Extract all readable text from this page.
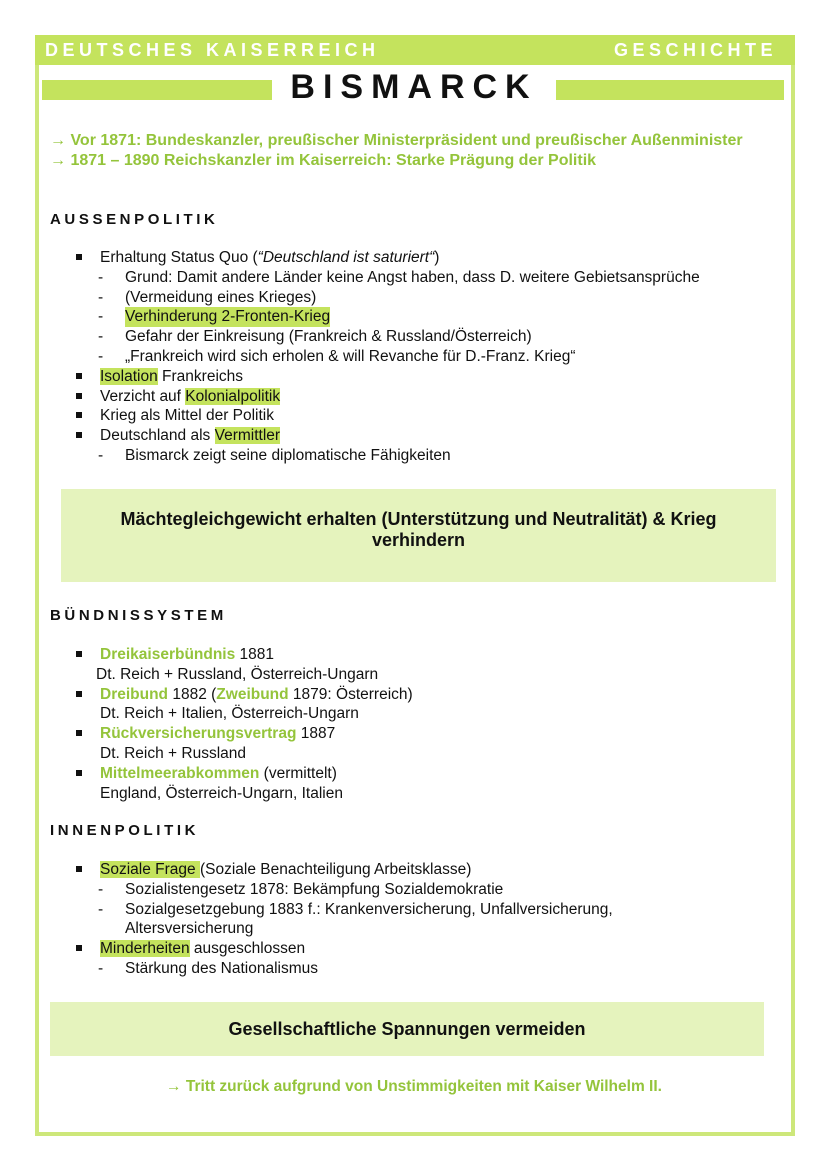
DEUTSCHES KAISERREICH	GESCHICHTE
BISMARCK
→ Vor 1871: Bundeskanzler, preußischer Ministerpräsident und preußischer Außenminister
→ 1871 – 1890 Reichskanzler im Kaiserreich: Starke Prägung der Politik
AUSSENPOLITIK
Erhaltung Status Quo (“Deutschland ist saturiert“)
- Grund: Damit andere Länder keine Angst haben, dass D. weitere Gebietsansprüche
- (Vermeidung eines Krieges)
- Verhinderung 2-Fronten-Krieg
- Gefahr der Einkreisung (Frankreich & Russland/Österreich)
- „Frankreich wird sich erholen & will Revanche für D.-Franz. Krieg“
Isolation Frankreichs
Verzicht auf Kolonialpolitik
Krieg als Mittel der Politik
Deutschland als Vermittler
- Bismarck zeigt seine diplomatische Fähigkeiten
Mächtegleichgewicht erhalten (Unterstützung und Neutralität) & Krieg
verhindern
BÜNDNISSYSTEM
Dreikaiserbündnis 1881
Dt. Reich + Russland, Österreich-Ungarn
Dreibund 1882 (Zweibund 1879: Österreich)
Dt. Reich + Italien, Österreich-Ungarn
Rückversicherungsvertrag 1887
Dt. Reich + Russland
Mittelmeerabkommen (vermittelt)
England, Österreich-Ungarn, Italien
INNENPOLITIK
Soziale Frage (Soziale Benachteiligung Arbeitsklasse)
- Sozialistengesetz 1878: Bekämpfung Sozialdemokratie
- Sozialgesetzgebung 1883 f.: Krankenversicherung, Unfallversicherung,
Altersversicherung
Minderheiten ausgeschlossen
- Stärkung des Nationalismus
Gesellschaftliche Spannungen vermeiden
→ Tritt zurück aufgrund von Unstimmigkeiten mit Kaiser Wilhelm II.
